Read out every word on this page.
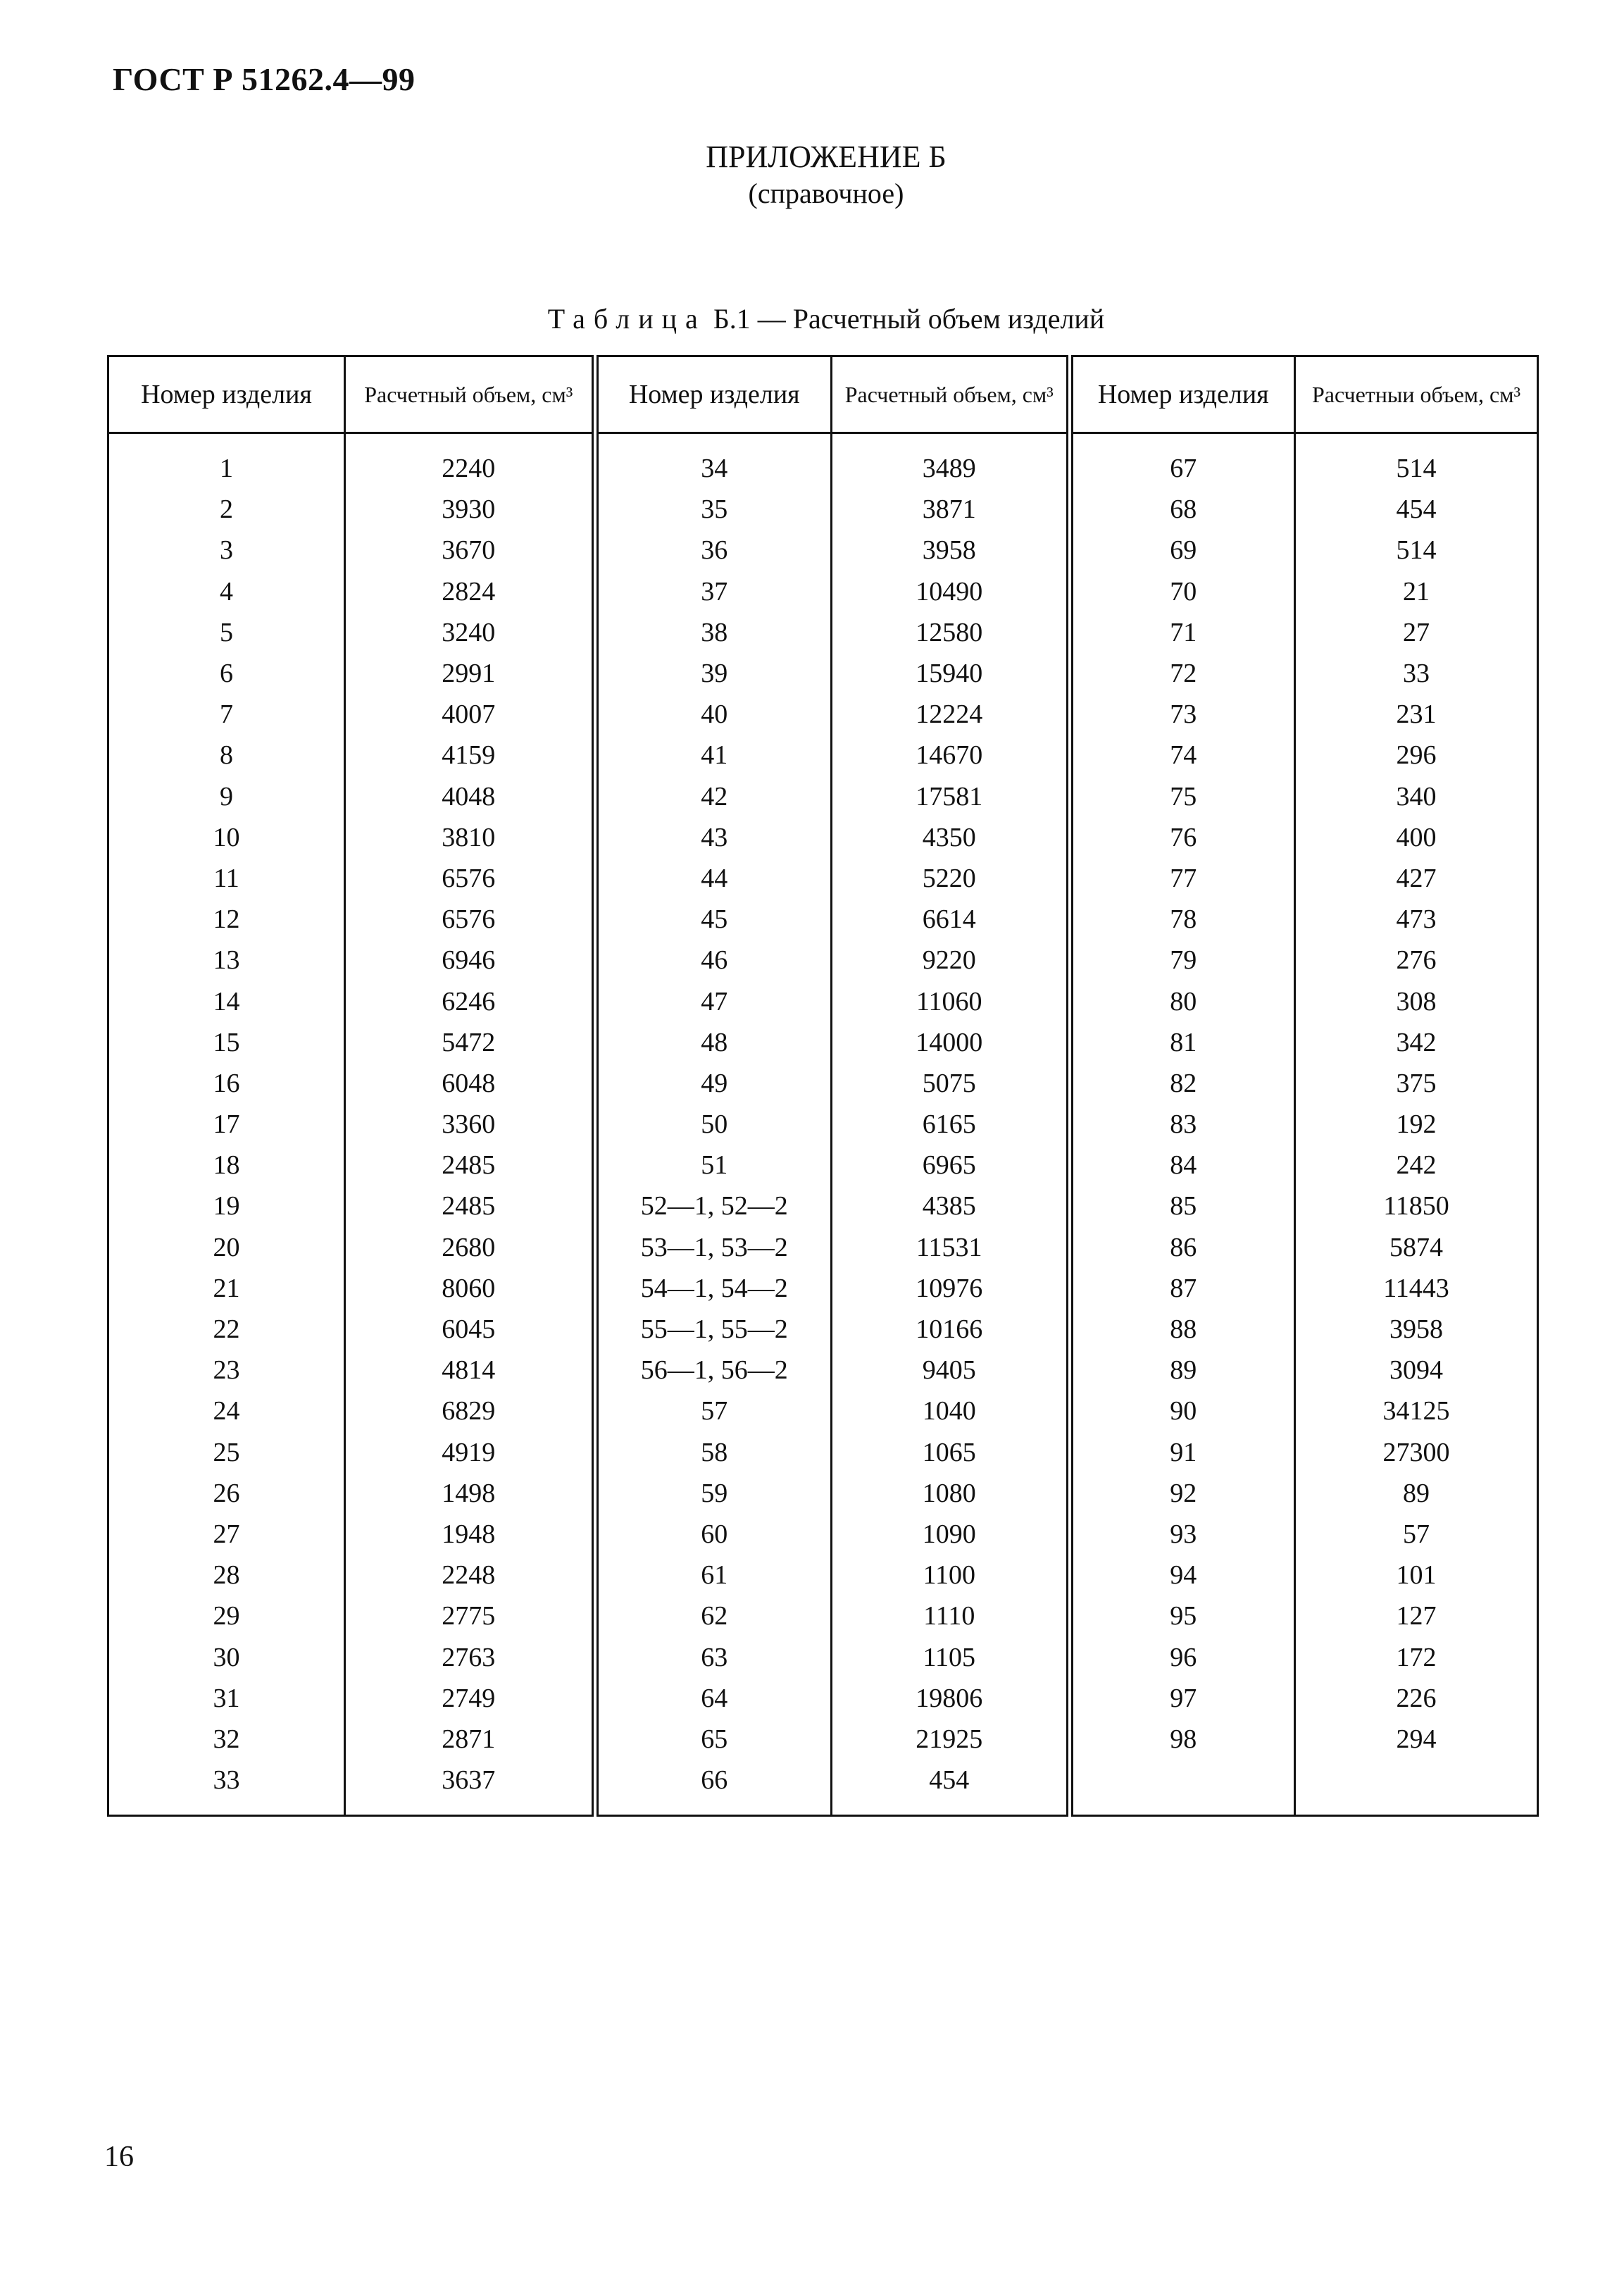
ГОСТ Р 51262.4—99
ПРИЛОЖЕНИЕ Б
(справочное)
Таблица Б.1 — Расчетный объем изделий
Номер изделия	Расчетный объем, см³	Номер изделия	Расчетный объем, см³	Номер изделия	Расчетныи объем, см³
1	2240	34	3489	67	514
2	3930	35	3871	68	454
3	3670	36	3958	69	514
4	2824	37	10490	70	21
5	3240	38	12580	71	27
6	2991	39	15940	72	33
7	4007	40	12224	73	231
8	4159	41	14670	74	296
9	4048	42	17581	75	340
10	3810	43	4350	76	400
11	6576	44	5220	77	427
12	6576	45	6614	78	473
13	6946	46	9220	79	276
14	6246	47	11060	80	308
15	5472	48	14000	81	342
16	6048	49	5075	82	375
17	3360	50	6165	83	192
18	2485	51	6965	84	242
19	2485	52—1, 52—2	4385	85	11850
20	2680	53—1, 53—2	11531	86	5874
21	8060	54—1, 54—2	10976	87	11443
22	6045	55—1, 55—2	10166	88	3958
23	4814	56—1, 56—2	9405	89	3094
24	6829	57	1040	90	34125
25	4919	58	1065	91	27300
26	1498	59	1080	92	89
27	1948	60	1090	93	57
28	2248	61	1100	94	101
29	2775	62	1110	95	127
30	2763	63	1105	96	172
31	2749	64	19806	97	226
32	2871	65	21925	98	294
33	3637	66	454		
16
